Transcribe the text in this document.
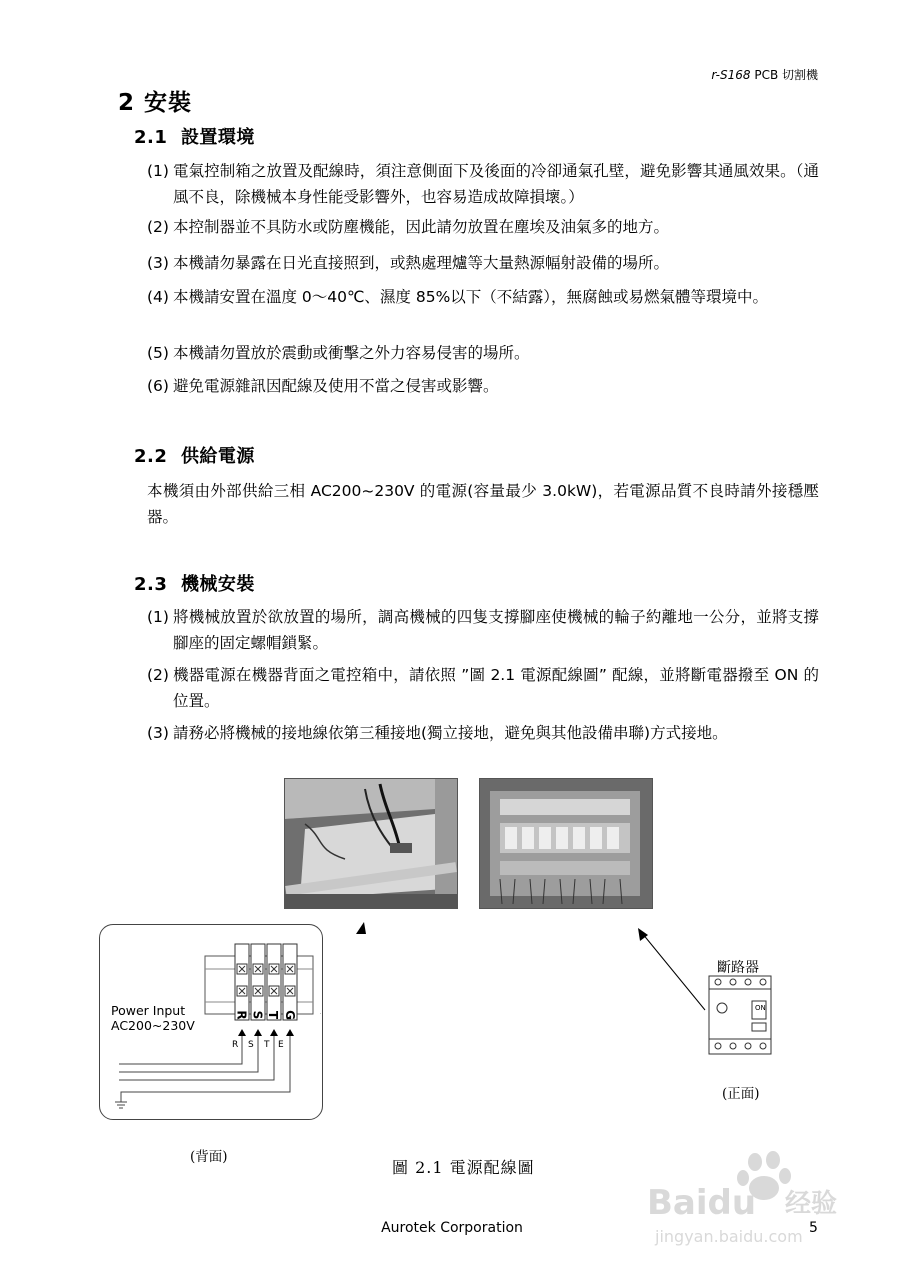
r-S168 PCB 切割機
2 安裝
2.1 設置環境
(1) 電氣控制箱之放置及配線時，須注意側面下及後面的冷卻通氣孔壁，避免影響其通風效果。（通風不良，除機械本身性能受影響外，也容易造成故障損壞。）
(2) 本控制器並不具防水或防塵機能，因此請勿放置在塵埃及油氣多的地方。
(3) 本機請勿暴露在日光直接照到，或熱處理爐等大量熱源幅射設備的場所。
(4) 本機請安置在溫度 0～40℃、濕度 85%以下（不結露），無腐蝕或易燃氣體等環境中。
(5) 本機請勿置放於震動或衝擊之外力容易侵害的場所。
(6) 避免電源雜訊因配線及使用不當之侵害或影響。
2.2 供給電源
本機須由外部供給三相 AC200~230V 的電源(容量最少 3.0kW)，若電源品質不良時請外接穩壓器。
2.3 機械安裝
(1) 將機械放置於欲放置的場所，調高機械的四隻支撐腳座使機械的輪子約離地一公分，並將支撐腳座的固定螺帽鎖緊。
(2) 機器電源在機器背面之電控箱中，請依照 ”圖 2.1 電源配線圖” 配線，並將斷電器撥至 ON 的位置。
(3) 請務必將機械的接地線依第三種接地(獨立接地，避免與其他設備串聯)方式接地。
Power Input
AC200~230V
R S T G
R S T E
斷路器
ON
(背面)
(正面)
圖 2.1 電源配線圖
Baidu 经验
jingyan.baidu.com
Aurotek Corporation	5
